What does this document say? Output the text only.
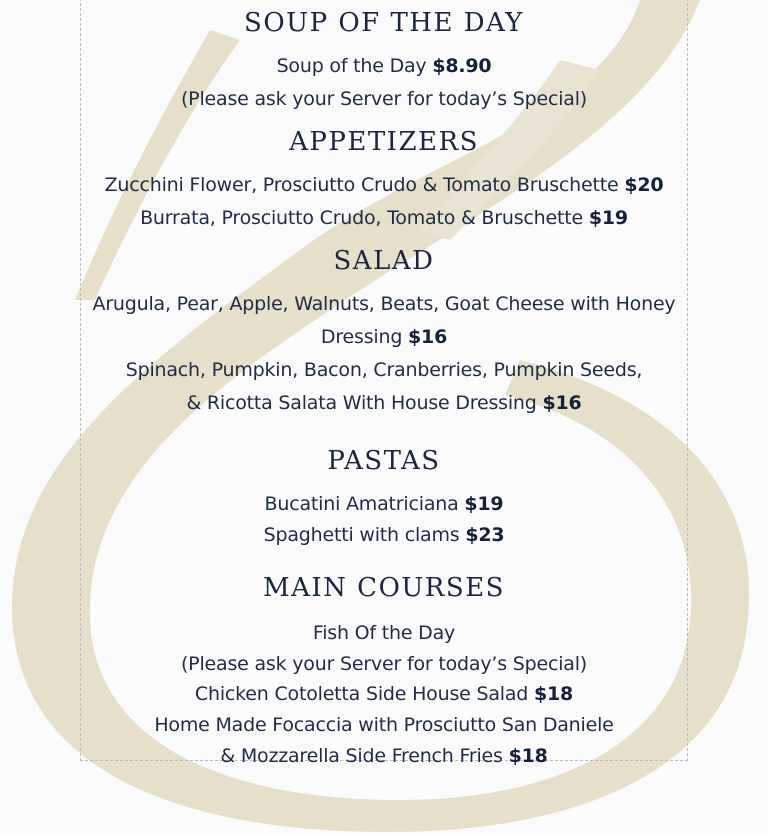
SOUP OF THE DAY
Soup of the Day $8.90
(Please ask your Server for today’s Special)
APPETIZERS
Zucchini Flower, Prosciutto Crudo & Tomato Bruschette $20
Burrata, Prosciutto Crudo, Tomato & Bruschette $19
SALAD
Arugula, Pear, Apple, Walnuts, Beats, Goat Cheese with Honey
Dressing $16
Spinach, Pumpkin, Bacon, Cranberries, Pumpkin Seeds,
& Ricotta Salata With House Dressing $16
PASTAS
Bucatini Amatriciana $19
Spaghetti with clams $23
MAIN COURSES
Fish Of the Day
(Please ask your Server for today’s Special)
Chicken Cotoletta Side House Salad $18
Home Made Focaccia with Prosciutto San Daniele
& Mozzarella Side French Fries $18
